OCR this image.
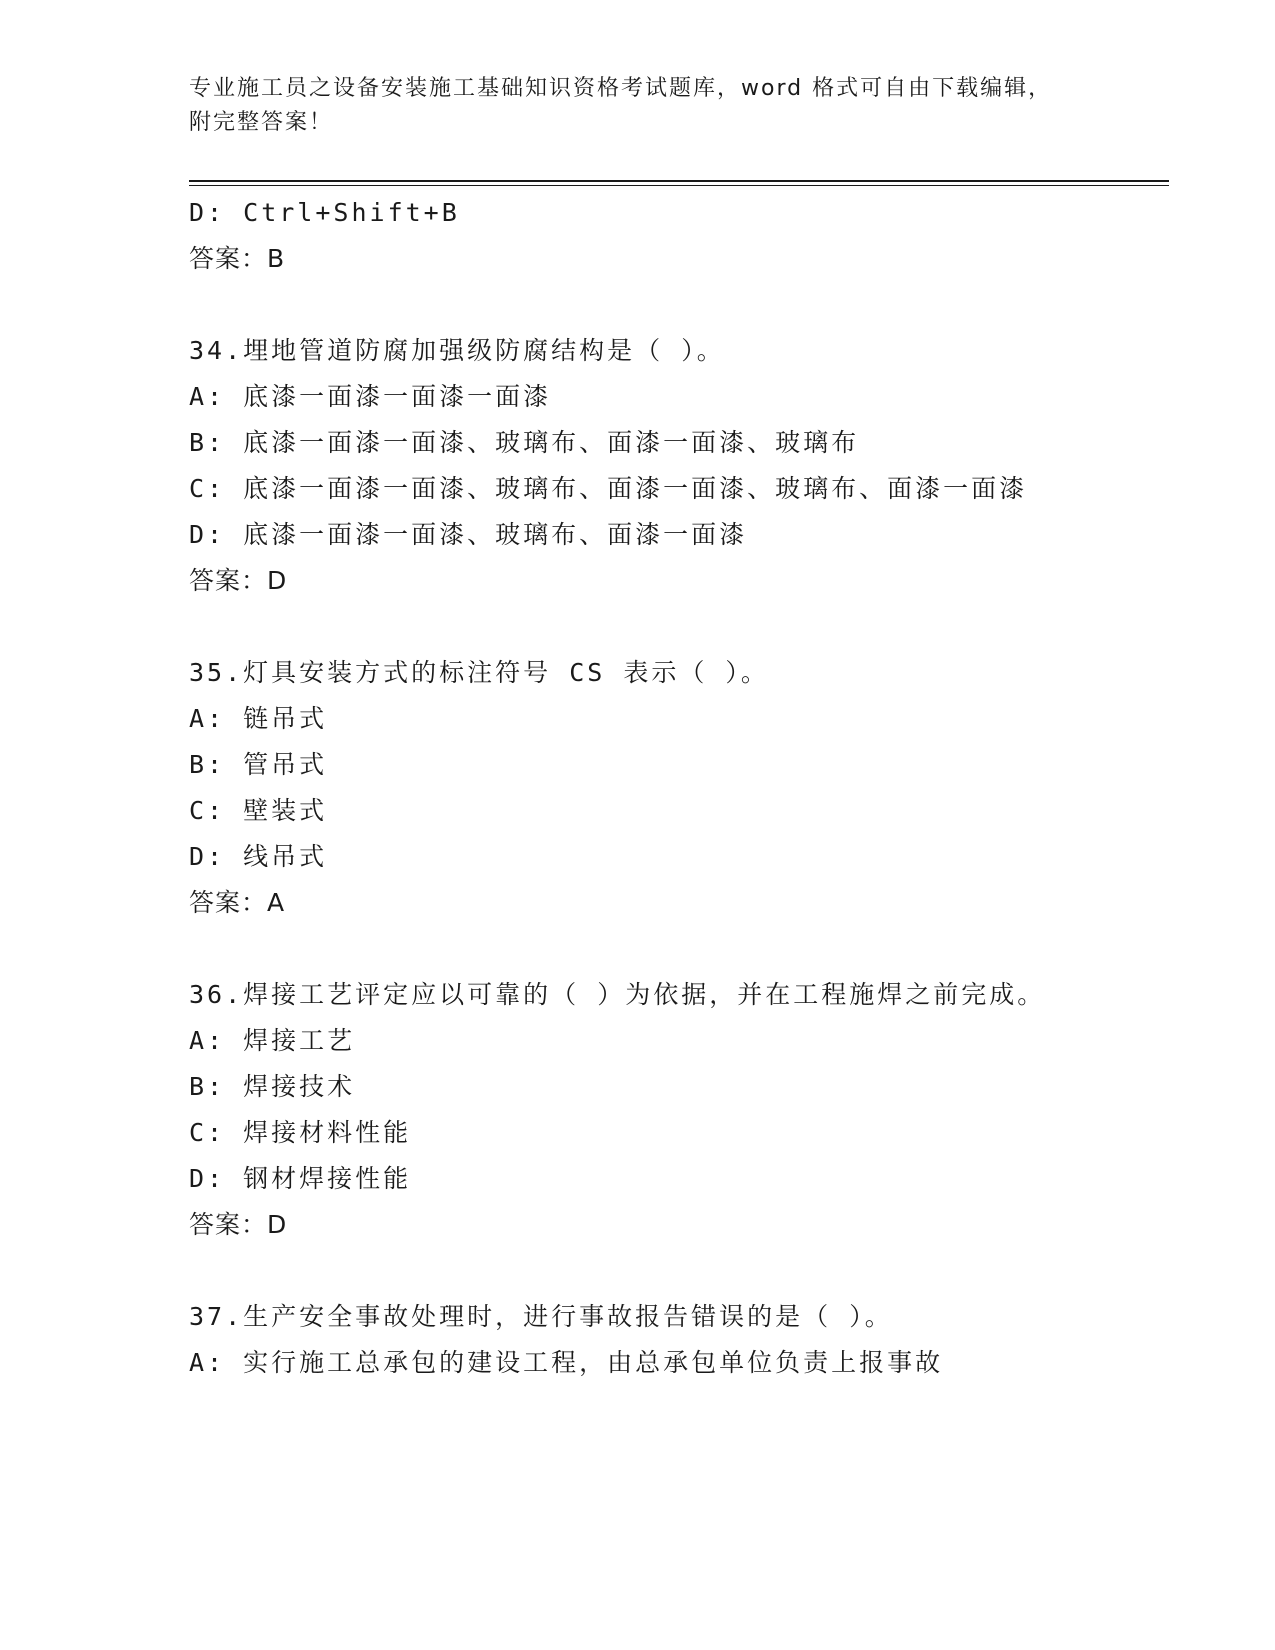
专业施工员之设备安装施工基础知识资格考试题库，word 格式可自由下载编辑，
附完整答案！
D: Ctrl+Shift+B
答案：B
34.埋地管道防腐加强级防腐结构是（ ）。
A: 底漆一面漆一面漆一面漆
B: 底漆一面漆一面漆、玻璃布、面漆一面漆、玻璃布
C: 底漆一面漆一面漆、玻璃布、面漆一面漆、玻璃布、面漆一面漆
D: 底漆一面漆一面漆、玻璃布、面漆一面漆
答案：D
35.灯具安装方式的标注符号 CS 表示（ ）。
A: 链吊式
B: 管吊式
C: 壁装式
D: 线吊式
答案：A
36.焊接工艺评定应以可靠的（ ）为依据，并在工程施焊之前完成。
A: 焊接工艺
B: 焊接技术
C: 焊接材料性能
D: 钢材焊接性能
答案：D
37.生产安全事故处理时，进行事故报告错误的是（ ）。
A: 实行施工总承包的建设工程，由总承包单位负责上报事故
